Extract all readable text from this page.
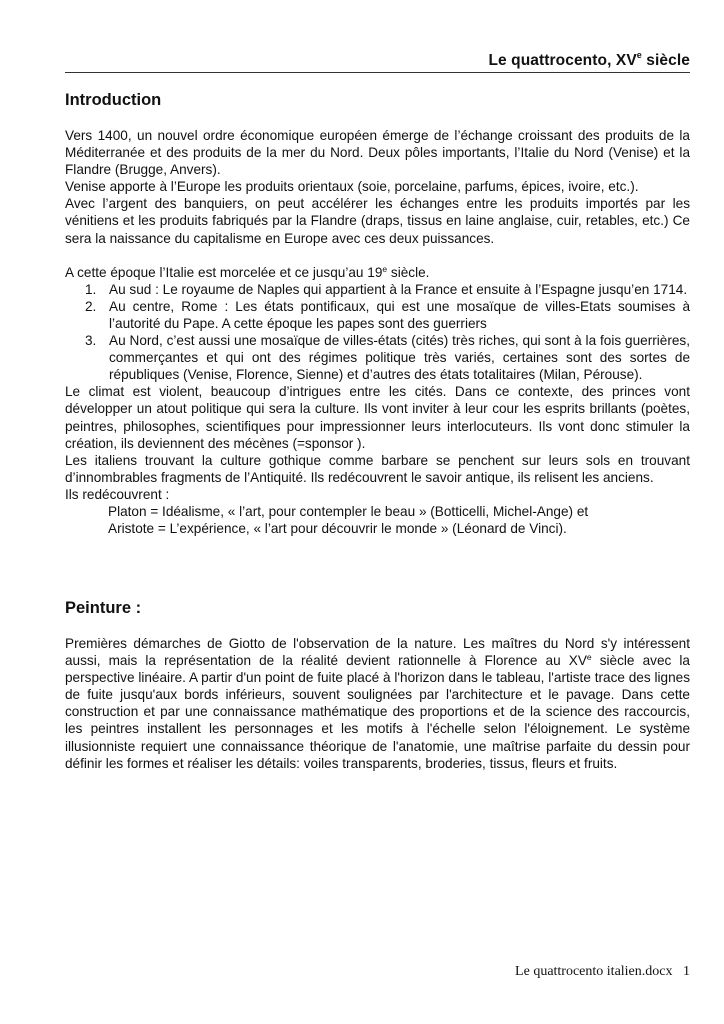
Le quattrocento, XVe siècle
Introduction

Vers 1400, un nouvel ordre économique européen émerge de l’échange croissant des produits de la Méditerranée et des produits de la mer du Nord. Deux pôles importants, l’Italie du Nord (Venise) et la Flandre (Brugge, Anvers).

Venise apporte à l’Europe les produits orientaux (soie, porcelaine, parfums, épices, ivoire, etc.).

Avec l’argent des banquiers, on peut accélérer les échanges entre les produits importés par les vénitiens et les produits fabriqués par la Flandre (draps, tissus en laine anglaise, cuir, retables, etc.) Ce sera la naissance du capitalisme en Europe avec ces deux puissances.

A cette époque l’Italie est morcelée et ce jusqu’au 19e siècle.

1. Au sud : Le royaume de Naples qui appartient à la France et ensuite à l’Espagne jusqu’en 1714.
2. Au centre, Rome : Les états pontificaux, qui est une mosaïque de villes-Etats soumises à l’autorité du Pape. A cette époque les papes sont des guerriers
3. Au Nord, c’est aussi une mosaïque de villes-états (cités) très riches, qui sont à la fois guerrières, commerçantes et qui ont des régimes politique très variés, certaines sont des sortes de républiques (Venise, Florence, Sienne) et d’autres des états totalitaires (Milan, Pérouse).

Le climat est violent, beaucoup d’intrigues entre les cités. Dans ce contexte, des princes vont développer un atout politique qui sera la culture. Ils vont inviter à leur cour les esprits brillants (poètes, peintres, philosophes, scientifiques pour impressionner leurs interlocuteurs. Ils vont donc stimuler la création, ils deviennent des mécènes (=sponsor ).

Les italiens trouvant la culture gothique comme barbare se penchent sur leurs sols en trouvant d’innombrables fragments de l’Antiquité. Ils redécouvrent le savoir antique, ils relisent les anciens.

Ils redécouvrent :

Platon = Idéalisme, « l’art, pour contempler le beau » (Botticelli, Michel-Ange) et

Aristote = L’expérience, « l’art pour découvrir le monde » (Léonard de Vinci).

Peinture :

Premières démarches de Giotto de l'observation de la nature. Les maîtres du Nord s'y intéressent aussi, mais la représentation de la réalité devient rationnelle à Florence au XVe siècle avec la perspective linéaire. A partir d'un point de fuite placé à l'horizon dans le tableau, l'artiste trace des lignes de fuite jusqu'aux bords inférieurs, souvent soulignées par l'architecture et le pavage. Dans cette construction et par une connaissance mathématique des proportions et de la science des raccourcis, les peintres installent les personnages et les motifs à l'échelle selon l'éloignement. Le système illusionniste requiert une connaissance théorique de l'anatomie, une maîtrise parfaite du dessin pour définir les formes et réaliser les détails: voiles transparents, broderies, tissus, fleurs et fruits.

Le quattrocento italien.docx 1
